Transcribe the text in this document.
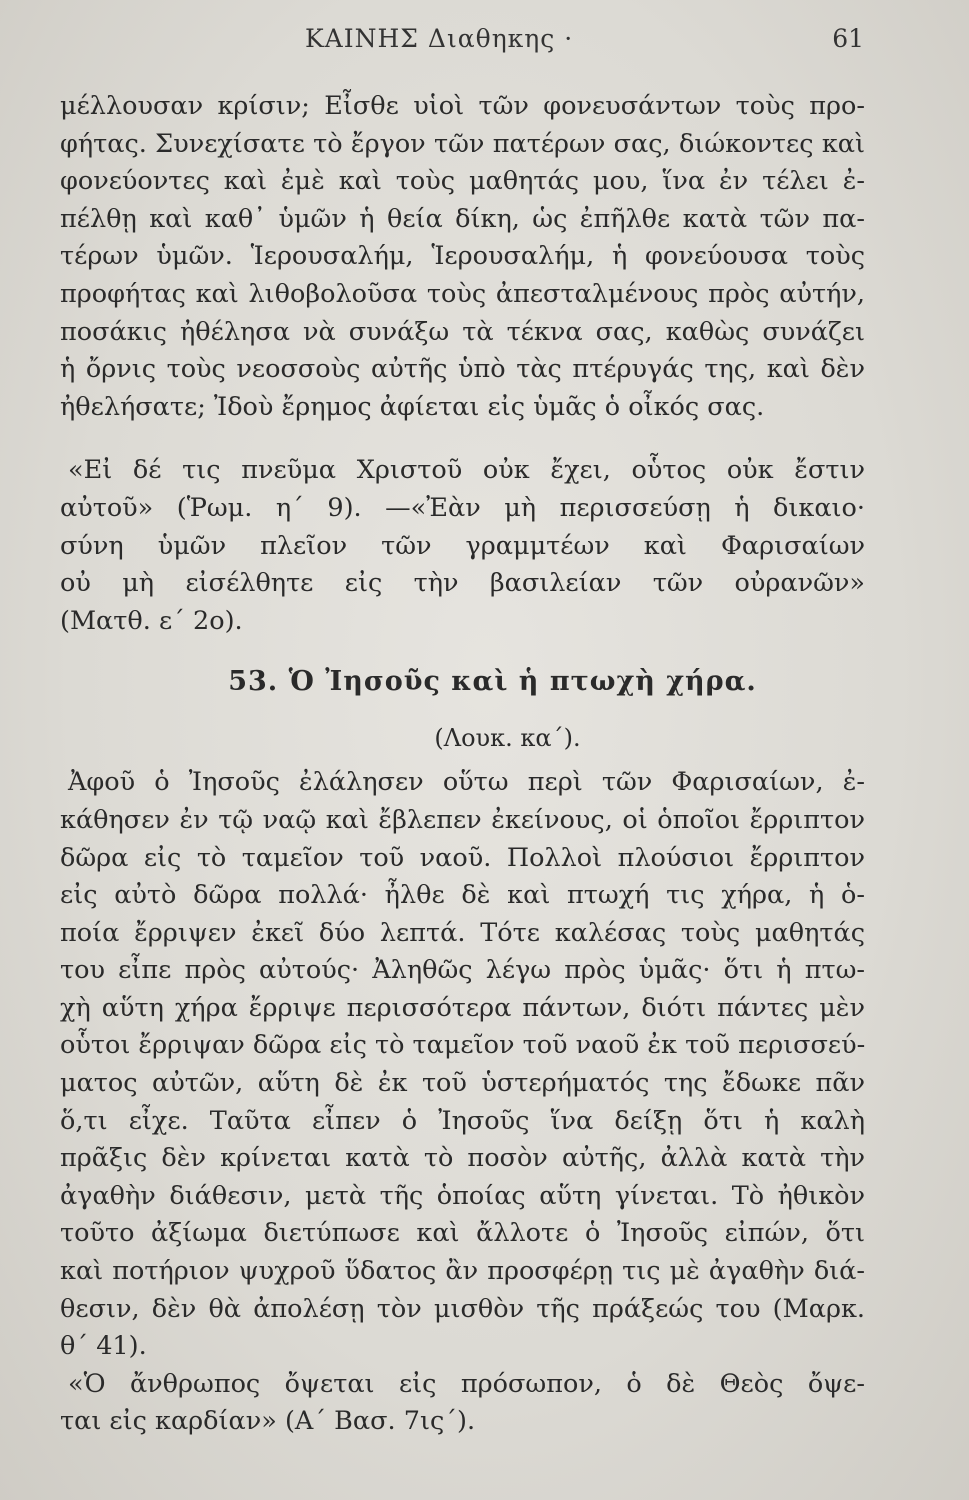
ΚΑΙΝΗΣ Διαθηκης ·	61
μέλλουσαν κρίσιν; Εἶσθε υἱοὶ τῶν φονευσάντων τοὺς προ-
φήτας. Συνεχίσατε τὸ ἔργον τῶν πατέρων σας, διώκοντες καὶ
φονεύοντες καὶ ἐμὲ καὶ τοὺς μαθητάς μου, ἵνα ἐν τέλει ἐ-
πέλθῃ καὶ καθ᾽ ὑμῶν ἡ θεία δίκη, ὡς ἐπῆλθε κατὰ τῶν πα-
τέρων ὑμῶν. Ἱερουσαλήμ, Ἱερουσαλήμ, ἡ φονεύουσα τοὺς
προφήτας καὶ λιθοβολοῦσα τοὺς ἀπεσταλμένους πρὸς αὐτήν,
ποσάκις ἠθέλησα νὰ συνάξω τὰ τέκνα σας, καθὼς συνάζει
ἡ ὄρνις τοὺς νεοσσοὺς αὐτῆς ὑπὸ τὰς πτέρυγάς της, καὶ δὲν
ἠθελήσατε; Ἰδοὺ ἔρημος ἀφίεται εἰς ὑμᾶς ὁ οἶκός σας.
«Εἰ δέ τις πνεῦμα Χριστοῦ οὐκ ἔχει, οὗτος οὐκ ἔστιν
αὐτοῦ» (Ῥωμ. η΄ 9). —«Ἐὰν μὴ περισσεύσῃ ἡ δικαιο·
σύνη ὑμῶν πλεῖον τῶν γραμμτέων καὶ Φαρισαίων
οὐ μὴ εἰσέλθητε εἰς τὴν βασιλείαν τῶν οὐρανῶν»
(Ματθ. ε΄ 2ο).
53. Ὁ Ἰησοῦς καὶ ἡ πτωχὴ χήρα.
(Λουκ. κα΄).
Ἀφοῦ ὁ Ἰησοῦς ἐλάλησεν οὕτω περὶ τῶν Φαρισαίων, ἐ-
κάθησεν ἐν τῷ ναῷ καὶ ἔβλεπεν ἐκείνους, οἱ ὁποῖοι ἔρριπτον
δῶρα εἰς τὸ ταμεῖον τοῦ ναοῦ. Πολλοὶ πλούσιοι ἔρριπτον
εἰς αὐτὸ δῶρα πολλά· ἦλθε δὲ καὶ πτωχή τις χήρα, ἡ ὁ-
ποία ἔρριψεν ἐκεῖ δύο λεπτά. Τότε καλέσας τοὺς μαθητάς
του εἶπε πρὸς αὐτούς· Ἀληθῶς λέγω πρὸς ὑμᾶς· ὅτι ἡ πτω-
χὴ αὕτη χήρα ἔρριψε περισσότερα πάντων, διότι πάντες μὲν
οὗτοι ἔρριψαν δῶρα εἰς τὸ ταμεῖον τοῦ ναοῦ ἐκ τοῦ περισσεύ-
ματος αὐτῶν, αὕτη δὲ ἐκ τοῦ ὑστερήματός της ἔδωκε πᾶν
ὅ,τι εἶχε. Ταῦτα εἶπεν ὁ Ἰησοῦς ἵνα δείξῃ ὅτι ἡ καλὴ
πρᾶξις δὲν κρίνεται κατὰ τὸ ποσὸν αὐτῆς, ἀλλὰ κατὰ τὴν
ἀγαθὴν διάθεσιν, μετὰ τῆς ὁποίας αὕτη γίνεται. Τὸ ἠθικὸν
τοῦτο ἀξίωμα διετύπωσε καὶ ἄλλοτε ὁ Ἰησοῦς εἰπών, ὅτι
καὶ ποτήριον ψυχροῦ ὕδατος ἂν προσφέρῃ τις μὲ ἀγαθὴν διά-
θεσιν, δὲν θὰ ἀπολέσῃ τὸν μισθὸν τῆς πράξεώς του (Μαρκ.
θ΄ 41).
«Ὁ ἄνθρωπος ὄψεται εἰς πρόσωπον, ὁ δὲ Θεὸς ὄψε-
ται εἰς καρδίαν» (Α΄ Βασ. 7ις΄).
